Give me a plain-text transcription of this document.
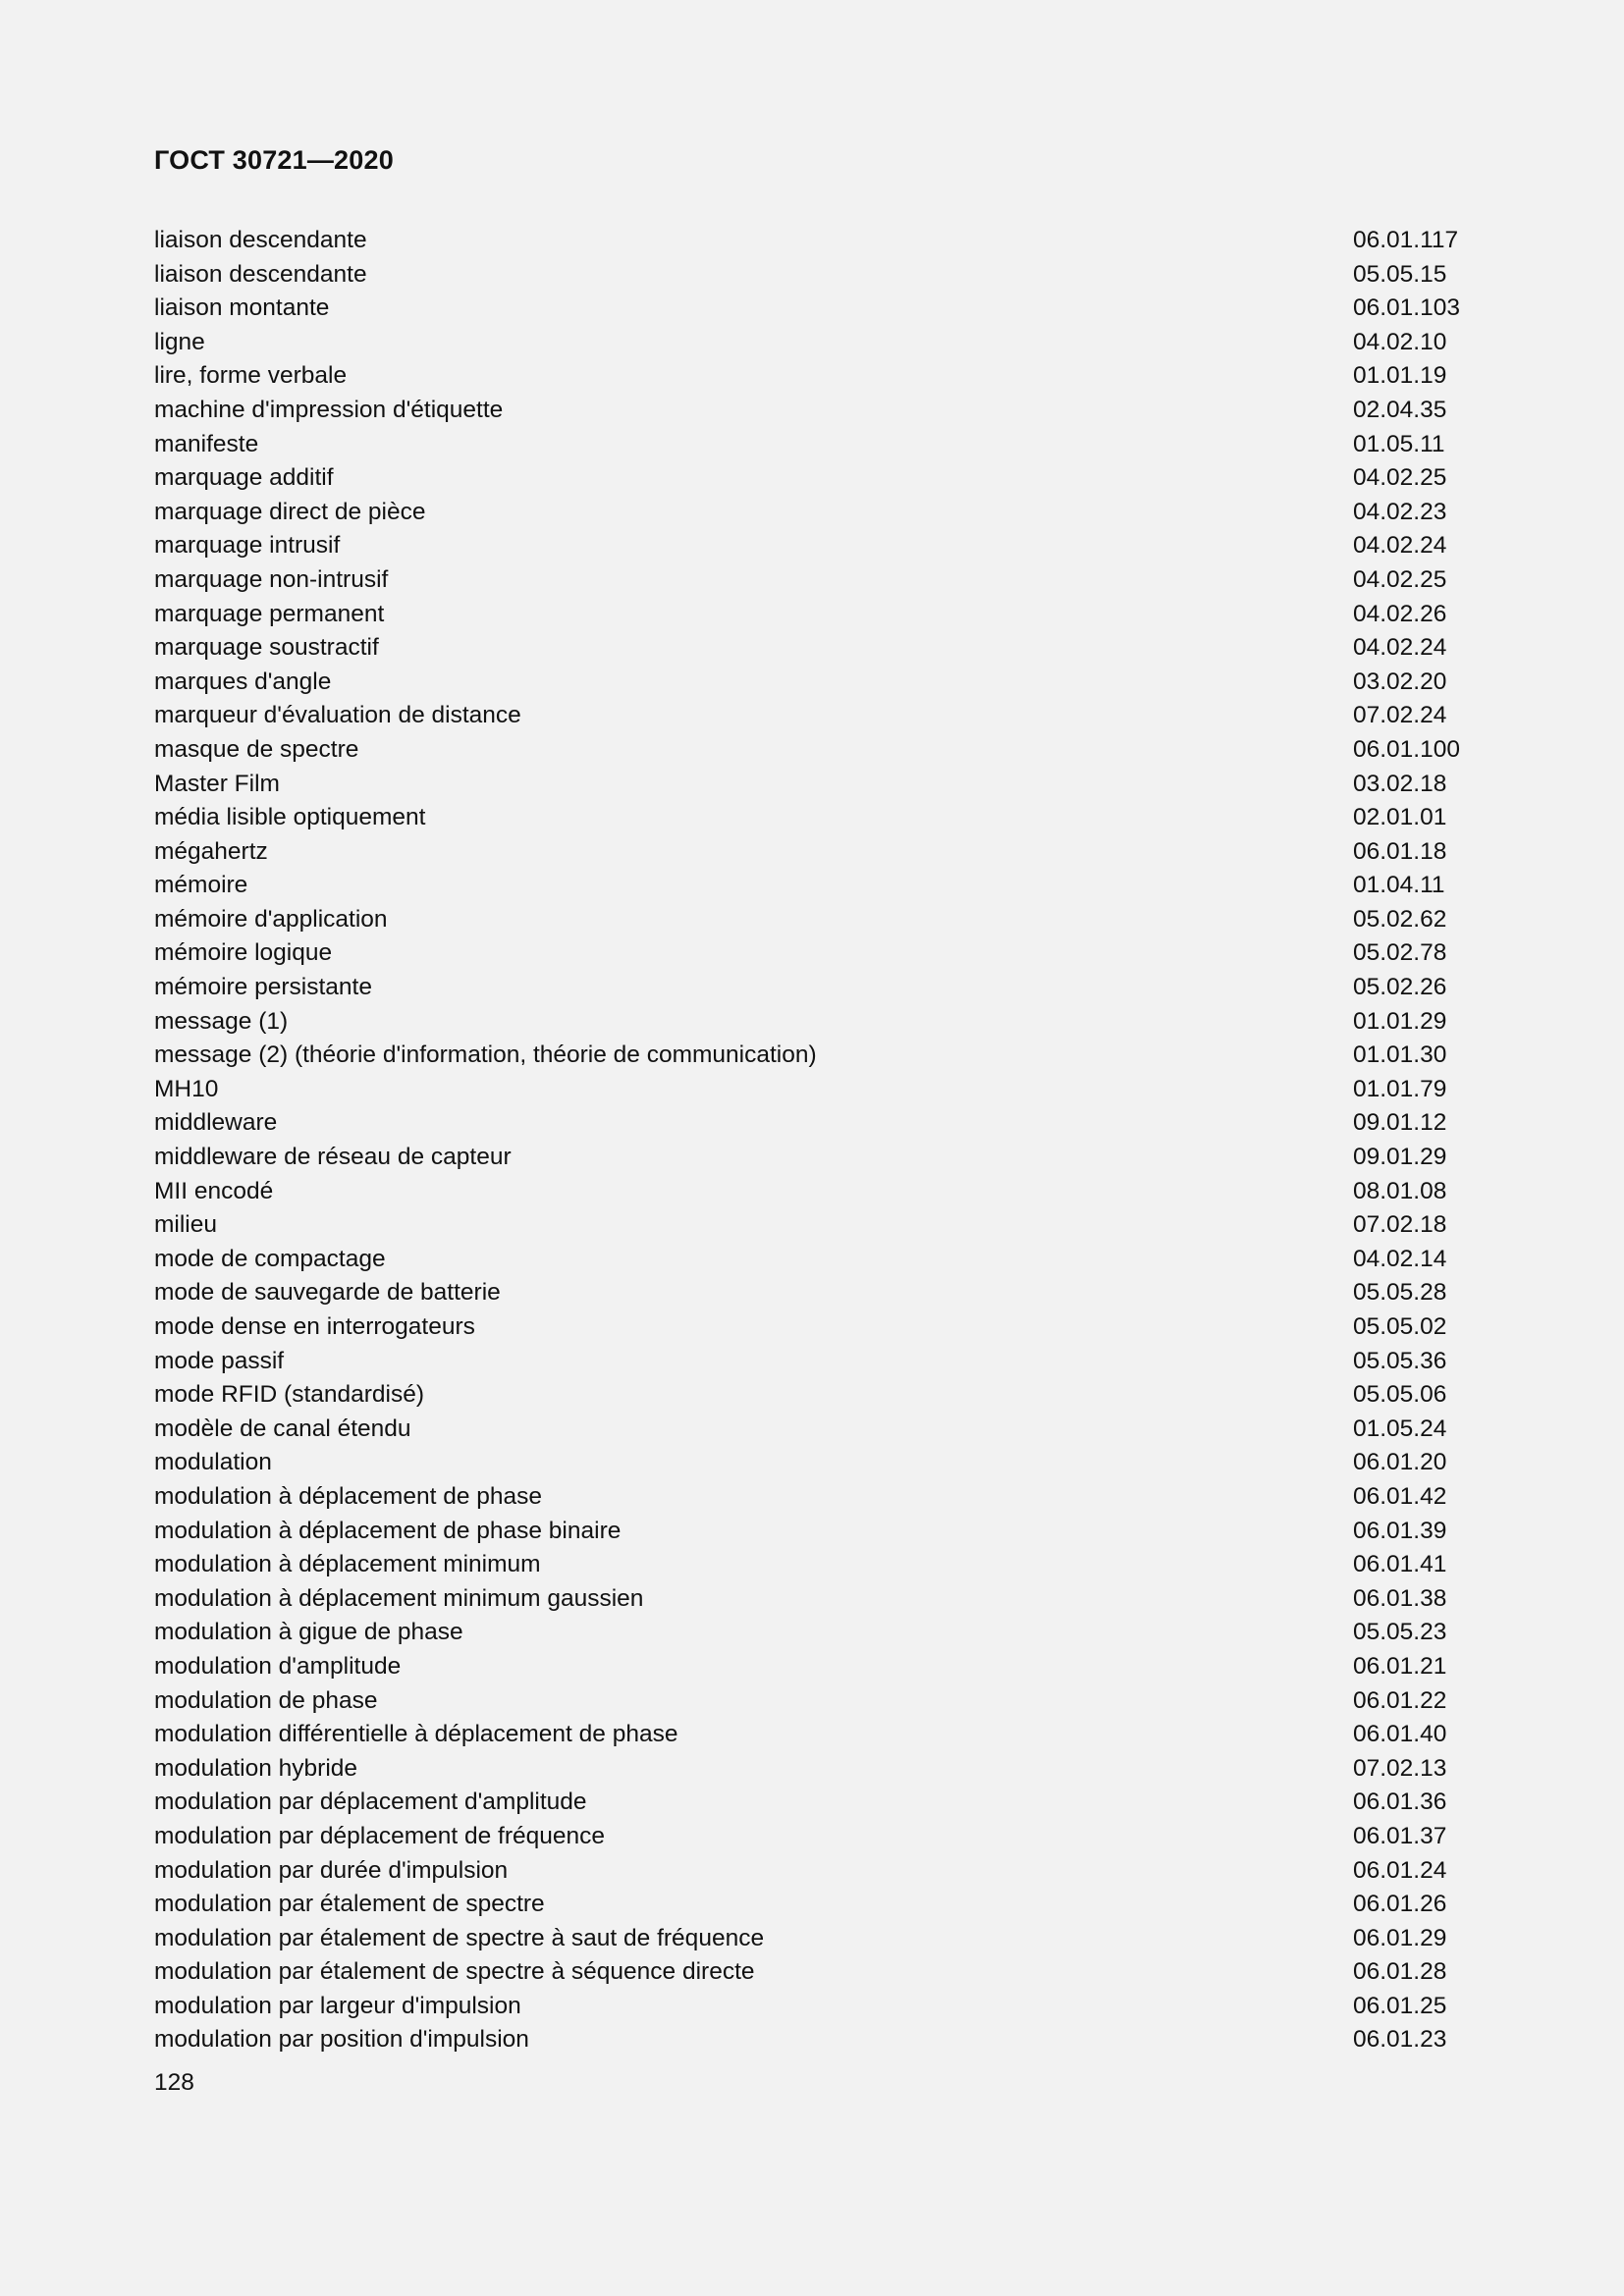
ГОСТ 30721—2020
liaison descendante	06.01.117
liaison descendante	05.05.15
liaison montante	06.01.103
ligne	04.02.10
lire, forme verbale	01.01.19
machine d'impression d'étiquette	02.04.35
manifeste	01.05.11
marquage additif	04.02.25
marquage direct de pièce	04.02.23
marquage intrusif	04.02.24
marquage non-intrusif	04.02.25
marquage permanent	04.02.26
marquage soustractif	04.02.24
marques d'angle	03.02.20
marqueur d'évaluation de distance	07.02.24
masque de spectre	06.01.100
Master Film	03.02.18
média lisible optiquement	02.01.01
mégahertz	06.01.18
mémoire	01.04.11
mémoire d'application	05.02.62
mémoire logique	05.02.78
mémoire persistante	05.02.26
message (1)	01.01.29
message (2) (théorie d'information, théorie de communication)	01.01.30
MH10	01.01.79
middleware	09.01.12
middleware de réseau de capteur	09.01.29
MII encodé	08.01.08
milieu	07.02.18
mode de compactage	04.02.14
mode de sauvegarde de batterie	05.05.28
mode dense en interrogateurs	05.05.02
mode passif	05.05.36
mode RFID (standardisé)	05.05.06
modèle de canal étendu	01.05.24
modulation	06.01.20
modulation à déplacement de phase	06.01.42
modulation à déplacement de phase binaire	06.01.39
modulation à déplacement minimum	06.01.41
modulation à déplacement minimum gaussien	06.01.38
modulation à gigue de phase	05.05.23
modulation d'amplitude	06.01.21
modulation de phase	06.01.22
modulation différentielle à déplacement de phase	06.01.40
modulation hybride	07.02.13
modulation par déplacement d'amplitude	06.01.36
modulation par déplacement de fréquence	06.01.37
modulation par durée d'impulsion	06.01.24
modulation par étalement de spectre	06.01.26
modulation par étalement de spectre à saut de fréquence	06.01.29
modulation par étalement de spectre à séquence directe	06.01.28
modulation par largeur d'impulsion	06.01.25
modulation par position d'impulsion	06.01.23
128
